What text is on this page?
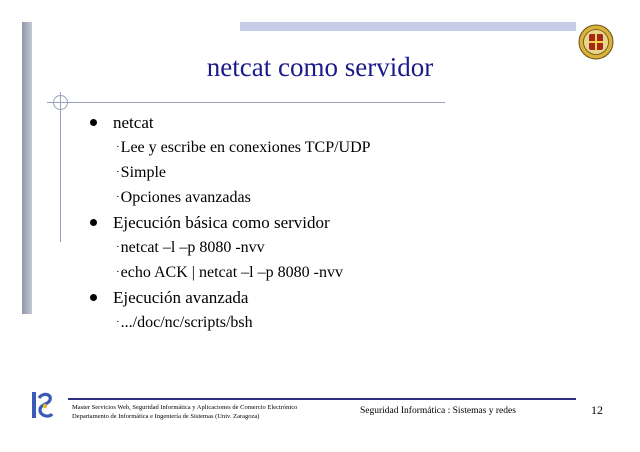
netcat como servidor
netcat
·Lee y escribe en conexiones TCP/UDP
·Simple
·Opciones avanzadas
Ejecución básica como servidor
·netcat –l –p 8080 -nvv
·echo ACK | netcat –l –p 8080 -nvv
Ejecución avanzada
·.../doc/nc/scripts/bsh
Master Servicios Web, Seguridad Informática y Aplicaciones de Comercio Electrónico
Departamento de Informática e Ingeniería de Sistemas (Univ. Zaragoza)
Seguridad Informática : Sistemas y redes	12
